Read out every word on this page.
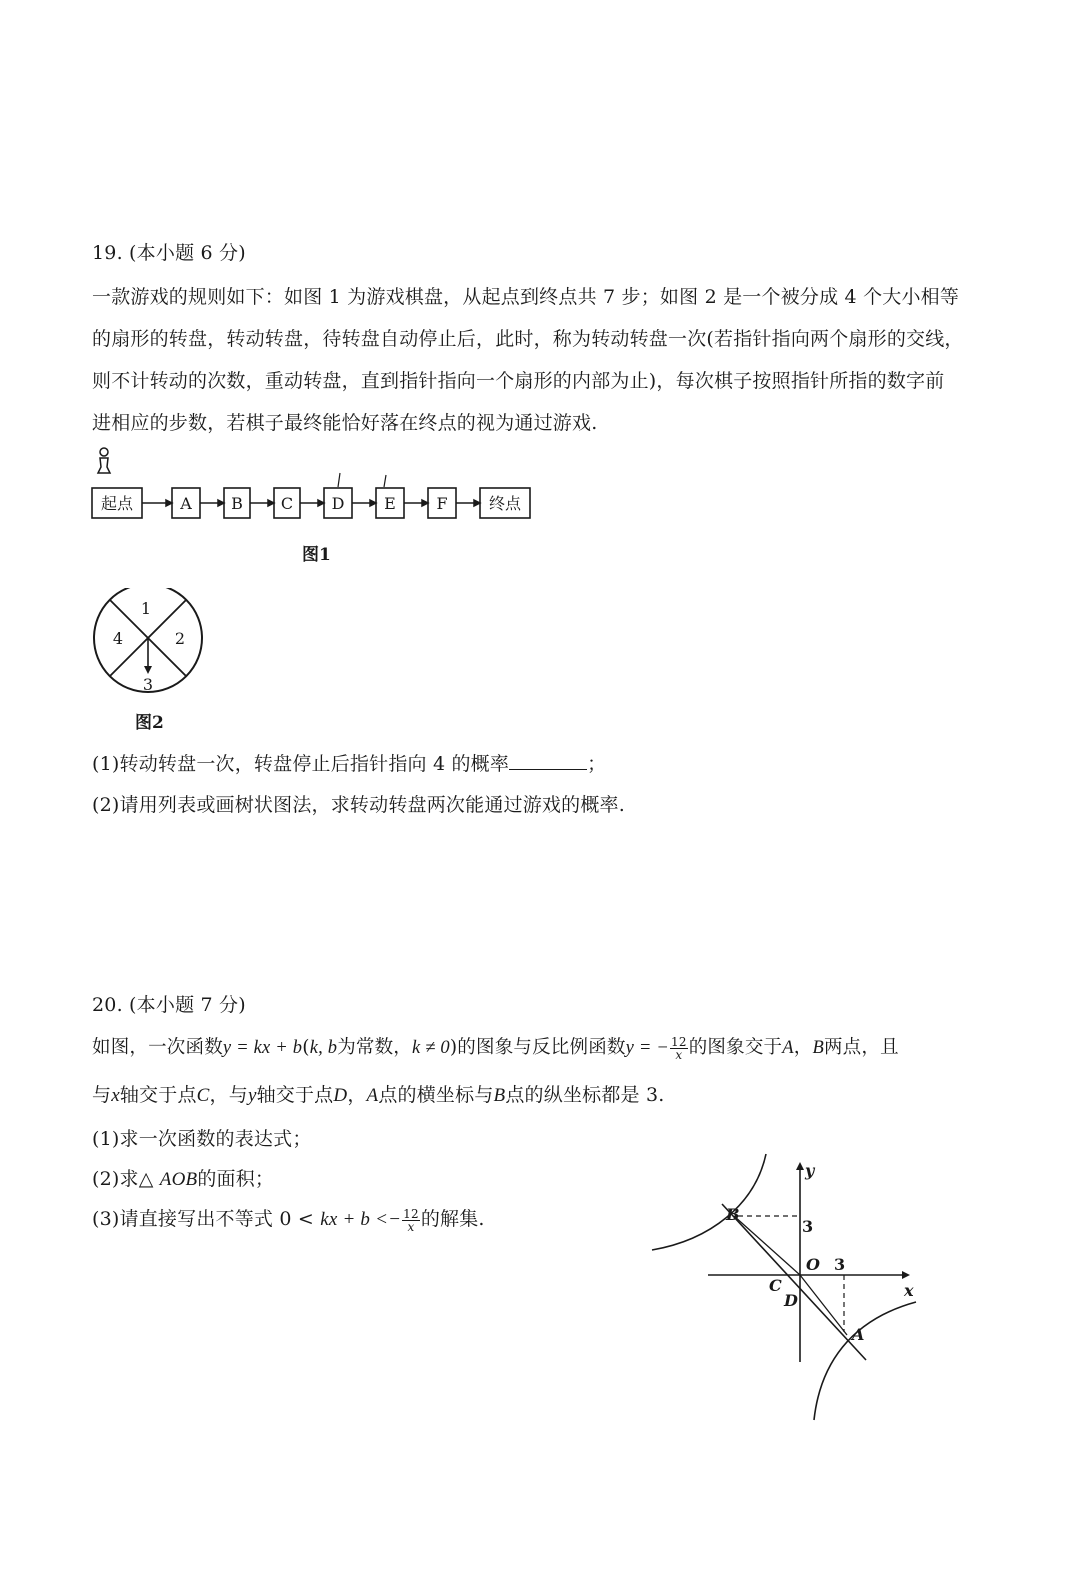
19. (本小题 6 分)
一款游戏的规则如下：如图 1 为游戏棋盘，从起点到终点共 7 步；如图 2 是一个被分成 4 个大小相等
的扇形的转盘，转动转盘，待转盘自动停止后，此时，称为转动转盘一次(若指针指向两个扇形的交线，
则不计转动的次数，重动转盘，直到指针指向一个扇形的内部为止)，每次棋子按照指针所指的数字前
进相应的步数，若棋子最终能恰好落在终点的视为通过游戏.
起点	A B C D E	F	终点
图1
1
2
3
4
图2
(1)转动转盘一次，转盘停止后指针指向 4 的概率	；
(2)请用列表或画树状图法，求转动转盘两次能通过游戏的概率.
20. (本小题 7 分)
如图，一次函数y = kx + b(k, b为常数，k ≠ 0)的图象与反比例函数y = − $\frac{12}{x}$ 的图象交于A，B两点，且
与x轴交于点C，与y轴交于点D，A点的横坐标与B点的纵坐标都是 3.
(1)求一次函数的表达式；
(2)求△ AOB的面积；
(3)请直接写出不等式 0 < kx + $b <- \frac{12}{x}$ 的解集.	B
3
y
O 3
C
D
x
A
